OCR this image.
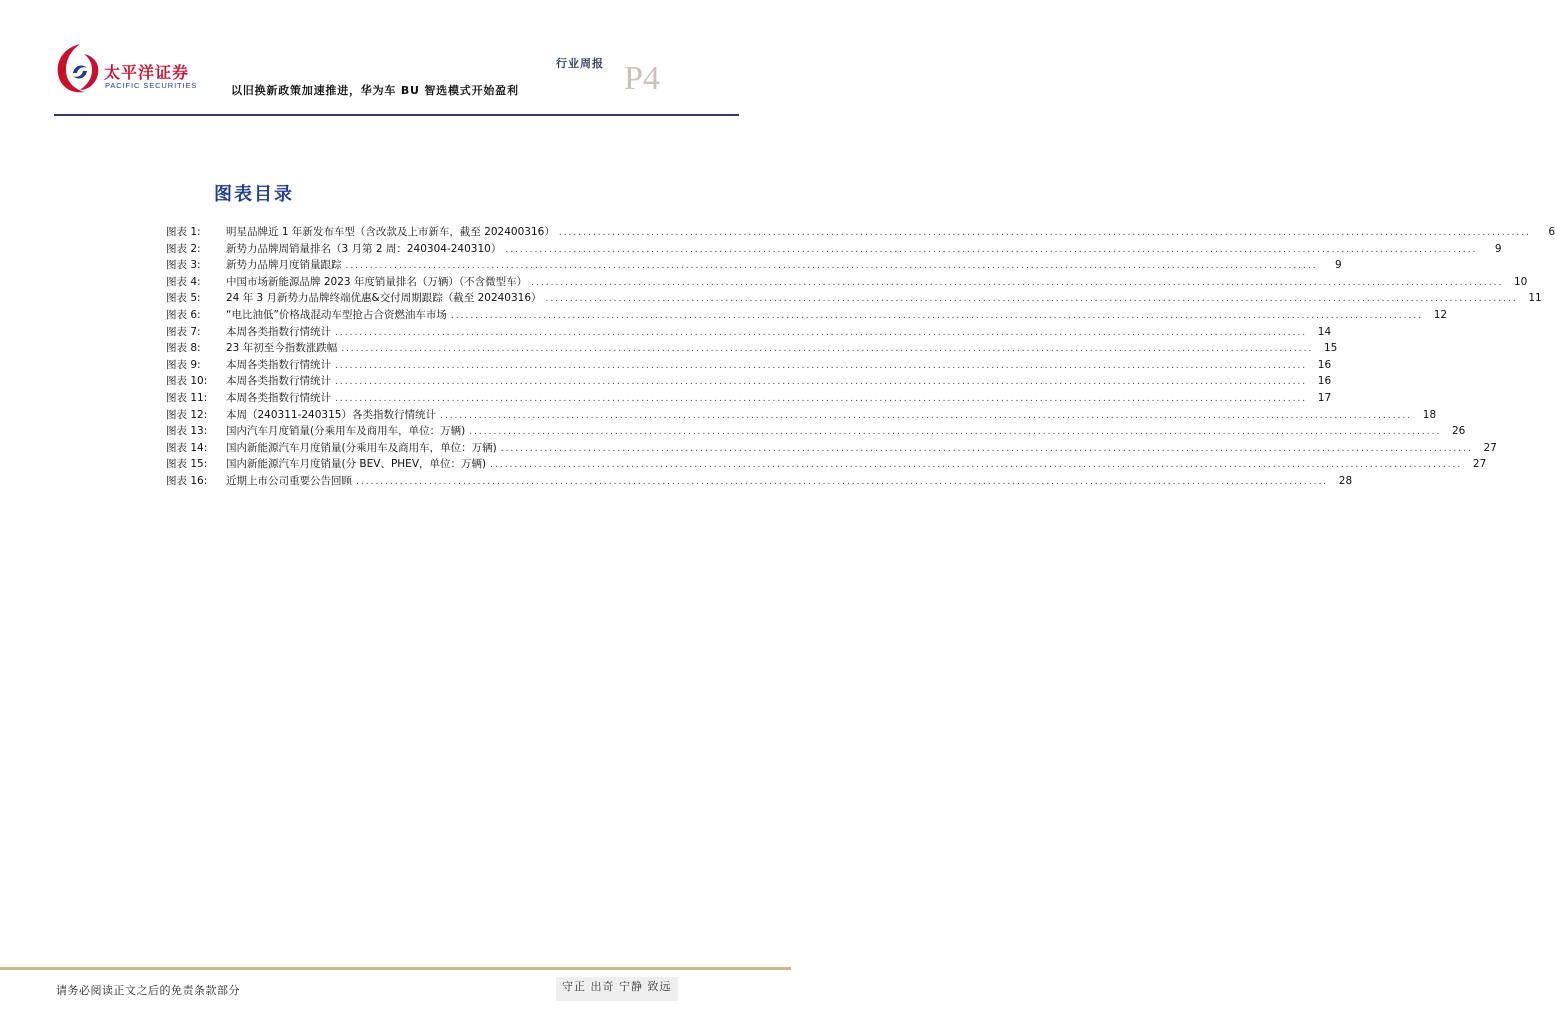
太平洋证券
PACIFIC SECURITIES
行业周报 P4
以旧换新政策加速推进，华为车 BU 智选模式开始盈利
图表目录
图表 1:	明星品牌近 1 年新发布车型（含改款及上市新车，截至 202400316） ........................................................................................................................................................................................................	6
图表 2:	新势力品牌周销量排名（3 月第 2 周：240304-240310） ........................................................................................................................................................................................................	9
图表 3:	新势力品牌月度销量跟踪 ........................................................................................................................................................................................................	9
图表 4:	中国市场新能源品牌 2023 年度销量排名（万辆）（不含微型车） ........................................................................................................................................................................................................	10
图表 5:	24 年 3 月新势力品牌终端优惠&交付周期跟踪（截至 20240316） ........................................................................................................................................................................................................	11
图表 6:	“电比油低”价格战混动车型抢占合资燃油车市场 ........................................................................................................................................................................................................	12
图表 7:	本周各类指数行情统计 ........................................................................................................................................................................................................	14
图表 8:	23 年初至今指数涨跌幅 ........................................................................................................................................................................................................	15
图表 9:	本周各类指数行情统计 ........................................................................................................................................................................................................	16
图表 10:	本周各类指数行情统计 ........................................................................................................................................................................................................	16
图表 11:	本周各类指数行情统计 ........................................................................................................................................................................................................	17
图表 12:	本周（240311-240315）各类指数行情统计 ........................................................................................................................................................................................................	18
图表 13:	国内汽车月度销量(分乘用车及商用车，单位：万辆) ........................................................................................................................................................................................................	26
图表 14:	国内新能源汽车月度销量(分乘用车及商用车，单位：万辆) ........................................................................................................................................................................................................	27
图表 15:	国内新能源汽车月度销量(分 BEV、PHEV，单位：万辆) ........................................................................................................................................................................................................	27
图表 16:	近期上市公司重要公告回顾 ........................................................................................................................................................................................................	28
请务必阅读正文之后的免责条款部分	守正 出奇 宁静 致远
